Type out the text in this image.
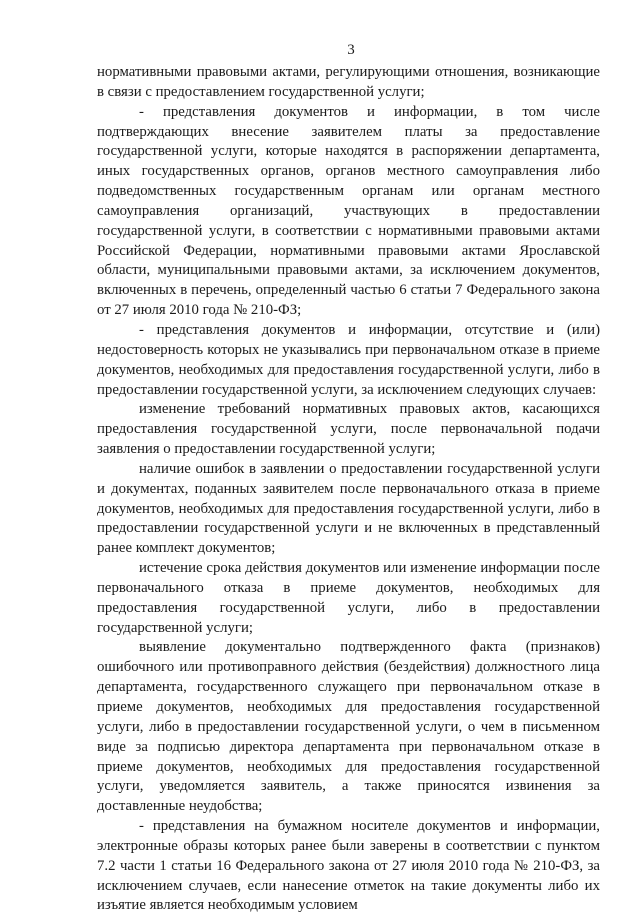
3

нормативными правовыми актами, регулирующими отношения, возникающие в связи с предоставлением государственной услуги;

- представления документов и информации, в том числе подтверждающих внесение заявителем платы за предоставление государственной услуги, которые находятся в распоряжении департамента, иных государственных органов, органов местного самоуправления либо подведомственных государственным органам или органам местного самоуправления организаций, участвующих в предоставлении государственной услуги, в соответствии с нормативными правовыми актами Российской Федерации, нормативными правовыми актами Ярославской области, муниципальными правовыми актами, за исключением документов, включенных в перечень, определенный частью 6 статьи 7 Федерального закона от 27 июля 2010 года № 210-ФЗ;

- представления документов и информации, отсутствие и (или) недостоверность которых не указывались при первоначальном отказе в приеме документов, необходимых для предоставления государственной услуги, либо в предоставлении государственной услуги, за исключением следующих случаев:

изменение требований нормативных правовых актов, касающихся предоставления государственной услуги, после первоначальной подачи заявления о предоставлении государственной услуги;

наличие ошибок в заявлении о предоставлении государственной услуги и документах, поданных заявителем после первоначального отказа в приеме документов, необходимых для предоставления государственной услуги, либо в предоставлении государственной услуги и не включенных в представленный ранее комплект документов;

истечение срока действия документов или изменение информации после первоначального отказа в приеме документов, необходимых для предоставления государственной услуги, либо в предоставлении государственной услуги;

выявление документально подтвержденного факта (признаков) ошибочного или противоправного действия (бездействия) должностного лица департамента, государственного служащего при первоначальном отказе в приеме документов, необходимых для предоставления государственной услуги, либо в предоставлении государственной услуги, о чем в письменном виде за подписью директора департамента при первоначальном отказе в приеме документов, необходимых для предоставления государственной услуги, уведомляется заявитель, а также приносятся извинения за доставленные неудобства;

- представления на бумажном носителе документов и информации, электронные образы которых ранее были заверены в соответствии с пунктом 7.2 части 1 статьи 16 Федерального закона от 27 июля 2010 года № 210-ФЗ, за исключением случаев, если нанесение отметок на такие документы либо их изъятие является необходимым условием
